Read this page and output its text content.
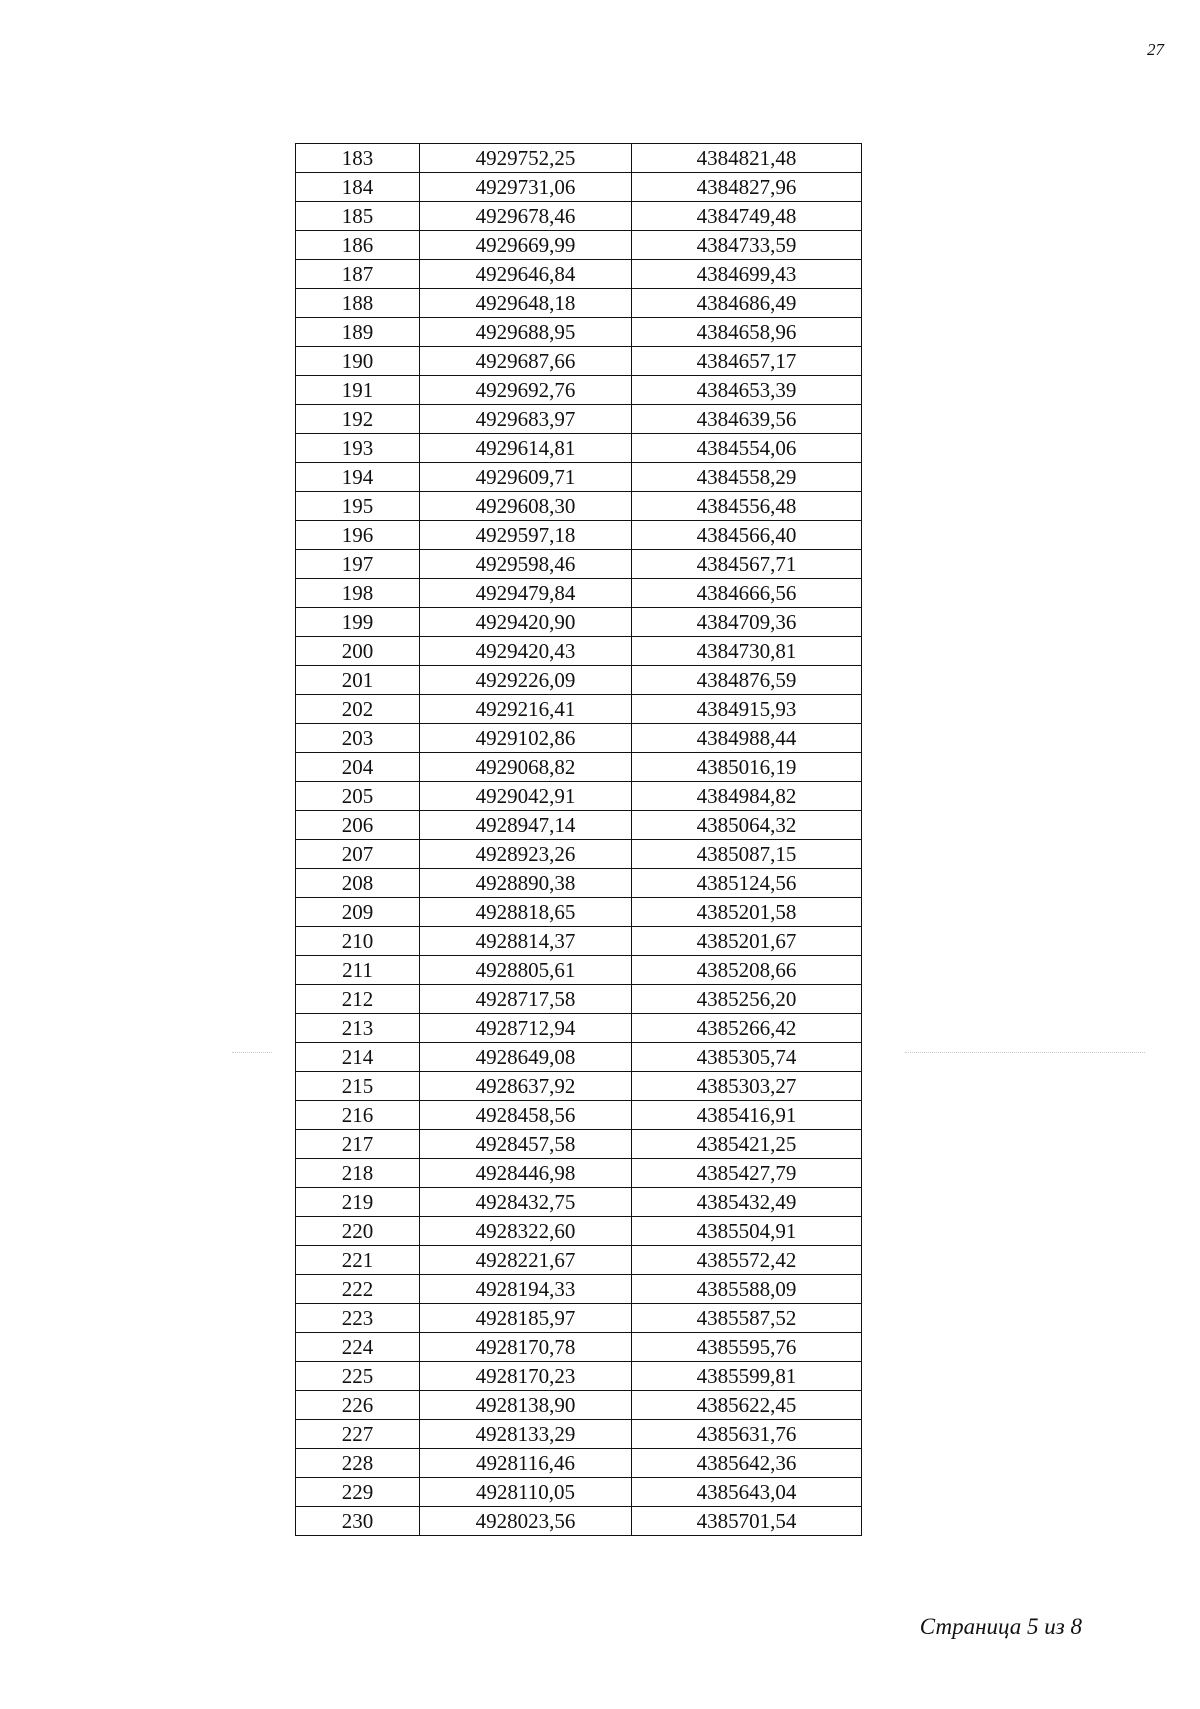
27
183	4929752,25	4384821,48
184	4929731,06	4384827,96
185	4929678,46	4384749,48
186	4929669,99	4384733,59
187	4929646,84	4384699,43
188	4929648,18	4384686,49
189	4929688,95	4384658,96
190	4929687,66	4384657,17
191	4929692,76	4384653,39
192	4929683,97	4384639,56
193	4929614,81	4384554,06
194	4929609,71	4384558,29
195	4929608,30	4384556,48
196	4929597,18	4384566,40
197	4929598,46	4384567,71
198	4929479,84	4384666,56
199	4929420,90	4384709,36
200	4929420,43	4384730,81
201	4929226,09	4384876,59
202	4929216,41	4384915,93
203	4929102,86	4384988,44
204	4929068,82	4385016,19
205	4929042,91	4384984,82
206	4928947,14	4385064,32
207	4928923,26	4385087,15
208	4928890,38	4385124,56
209	4928818,65	4385201,58
210	4928814,37	4385201,67
211	4928805,61	4385208,66
212	4928717,58	4385256,20
213	4928712,94	4385266,42
214	4928649,08	4385305,74
215	4928637,92	4385303,27
216	4928458,56	4385416,91
217	4928457,58	4385421,25
218	4928446,98	4385427,79
219	4928432,75	4385432,49
220	4928322,60	4385504,91
221	4928221,67	4385572,42
222	4928194,33	4385588,09
223	4928185,97	4385587,52
224	4928170,78	4385595,76
225	4928170,23	4385599,81
226	4928138,90	4385622,45
227	4928133,29	4385631,76
228	4928116,46	4385642,36
229	4928110,05	4385643,04
230	4928023,56	4385701,54
Страница 5 из 8
